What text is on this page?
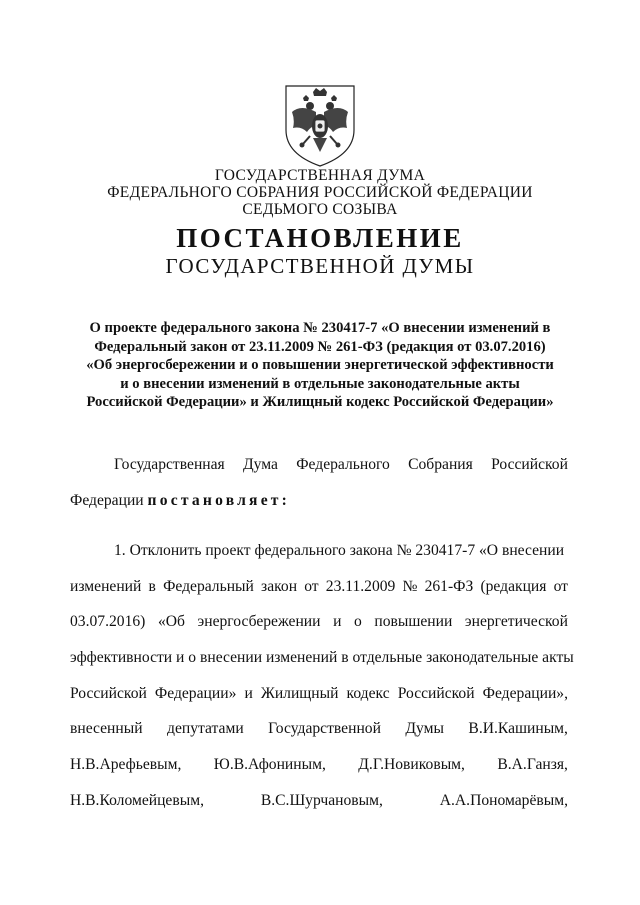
ГОСУДАРСТВЕННАЯ ДУМА
ФЕДЕРАЛЬНОГО СОБРАНИЯ РОССИЙСКОЙ ФЕДЕРАЦИИ
СЕДЬМОГО СОЗЫВА
ПОСТАНОВЛЕНИЕ
ГОСУДАРСТВЕННОЙ ДУМЫ
О проекте федерального закона № 230417-7 «О внесении изменений в
Федеральный закон от 23.11.2009 № 261-ФЗ (редакция от 03.07.2016)
«Об энергосбережении и о повышении энергетической эффективности
и о внесении изменений в отдельные законодательные акты
Российской Федерации» и Жилищный кодекс Российской Федерации»
Государственная Дума Федерального Собрания Российской
Федерации постановляет:
1. Отклонить проект федерального закона № 230417-7 «О внесении
изменений в Федеральный закон от 23.11.2009 № 261-ФЗ (редакция от
03.07.2016) «Об энергосбережении и о повышении энергетической
эффективности и о внесении изменений в отдельные законодательные акты
Российской Федерации» и Жилищный кодекс Российской Федерации»,
внесенный депутатами Государственной Думы В.И.Кашиным,
Н.В.Арефьевым, Ю.В.Афониным, Д.Г.Новиковым, В.А.Ганзя,
Н.В.Коломейцевым,	В.С.Шурчановым,	А.А.Пономарёвым,
